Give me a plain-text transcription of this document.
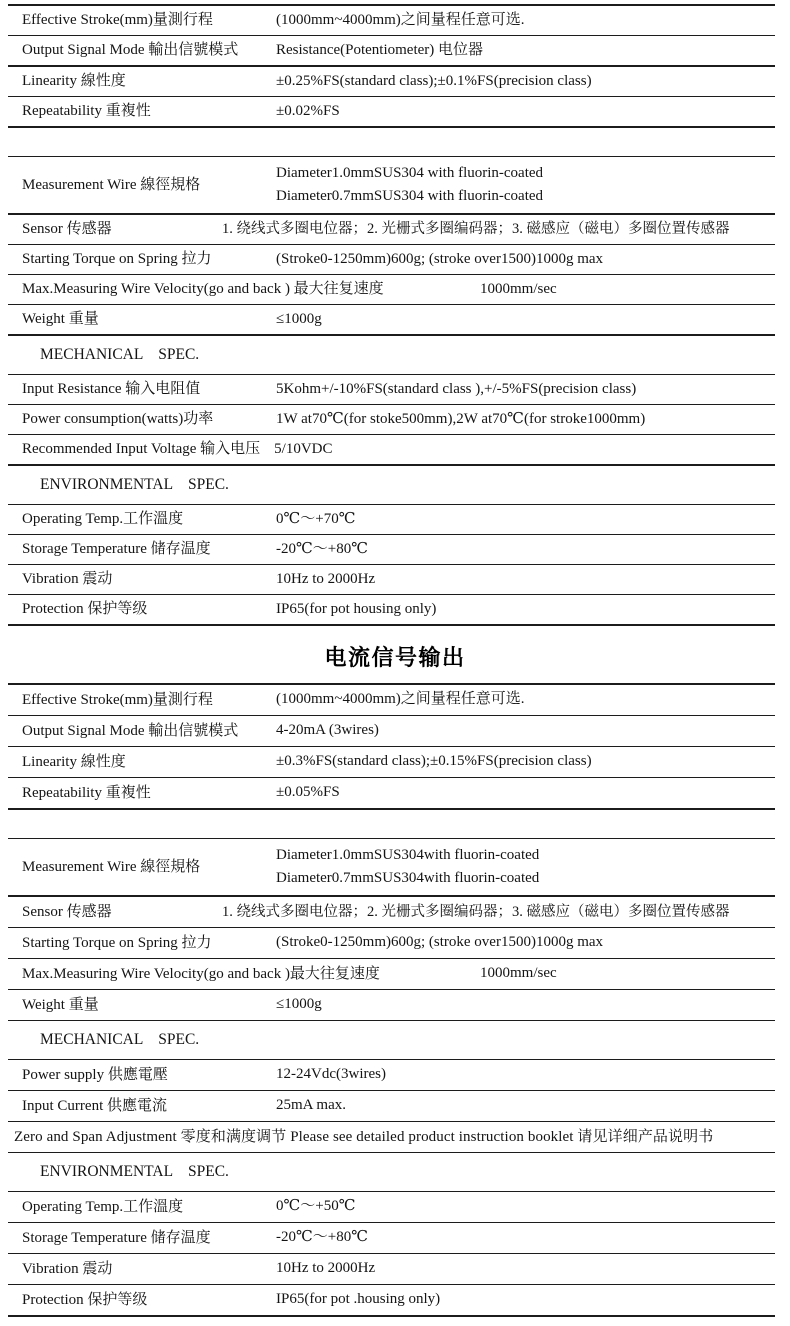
Effective Stroke(mm)量測行程	(1000mm~4000mm)之间量程任意可选.
Output Signal Mode 輸出信號模式	Resistance(Potentiometer) 电位器
Linearity 線性度	±0.25%FS(standard class);±0.1%FS(precision class)
Repeatability 重複性	±0.02%FS
Measurement Wire 線徑規格
Diameter1.0mmSUS304 with fluorin-coated
Diameter0.7mmSUS304 with fluorin-coated
Sensor 传感器	1. 绕线式多圈电位器；2. 光栅式多圈编码器；3. 磁感应（磁电）多圈位置传感器
Starting Torque on Spring 拉力	(Stroke0-1250mm)600g; (stroke over1500)1000g max
Max.Measuring Wire Velocity(go and back ) 最大往复速度	1000mm/sec
Weight 重量	≤1000g
MECHANICAL    SPEC.
Input Resistance 输入电阻值	5Kohm+/-10%FS(standard class ),+/-5%FS(precision class)
Power consumption(watts)功率	1W at70℃(for stoke500mm),2W at70℃(for stroke1000mm)
Recommended Input Voltage 输入电压 5/10VDC
ENVIRONMENTAL    SPEC.
Operating Temp.工作溫度	0℃～+70℃
Storage Temperature 储存温度	-20℃～+80℃
Vibration 震动	10Hz to 2000Hz
Protection 保护等级	IP65(for pot housing only)
电流信号输出
Effective Stroke(mm)量測行程	(1000mm~4000mm)之间量程任意可选.
Output Signal Mode 輸出信號模式	4-20mA (3wires)
Linearity 線性度	±0.3%FS(standard class);±0.15%FS(precision class)
Repeatability 重複性	±0.05%FS
Measurement Wire 線徑規格
Diameter1.0mmSUS304with fluorin-coated
Diameter0.7mmSUS304with fluorin-coated
Sensor 传感器	1. 绕线式多圈电位器；2. 光栅式多圈编码器；3. 磁感应（磁电）多圈位置传感器
Starting Torque on Spring 拉力	(Stroke0-1250mm)600g; (stroke over1500)1000g max
Max.Measuring Wire Velocity(go and back )最大往复速度	1000mm/sec
Weight 重量	≤1000g
MECHANICAL    SPEC.
Power supply 供應電壓	12-24Vdc(3wires)
Input Current 供應電流	25mA max.
Zero and Span Adjustment 零度和满度调节 Please see detailed product instruction booklet 请见详细产品说明书
ENVIRONMENTAL    SPEC.
Operating Temp.工作溫度	0℃～+50℃
Storage Temperature 储存温度	-20℃～+80℃
Vibration 震动	10Hz to 2000Hz
Protection 保护等级	IP65(for pot .housing only)
